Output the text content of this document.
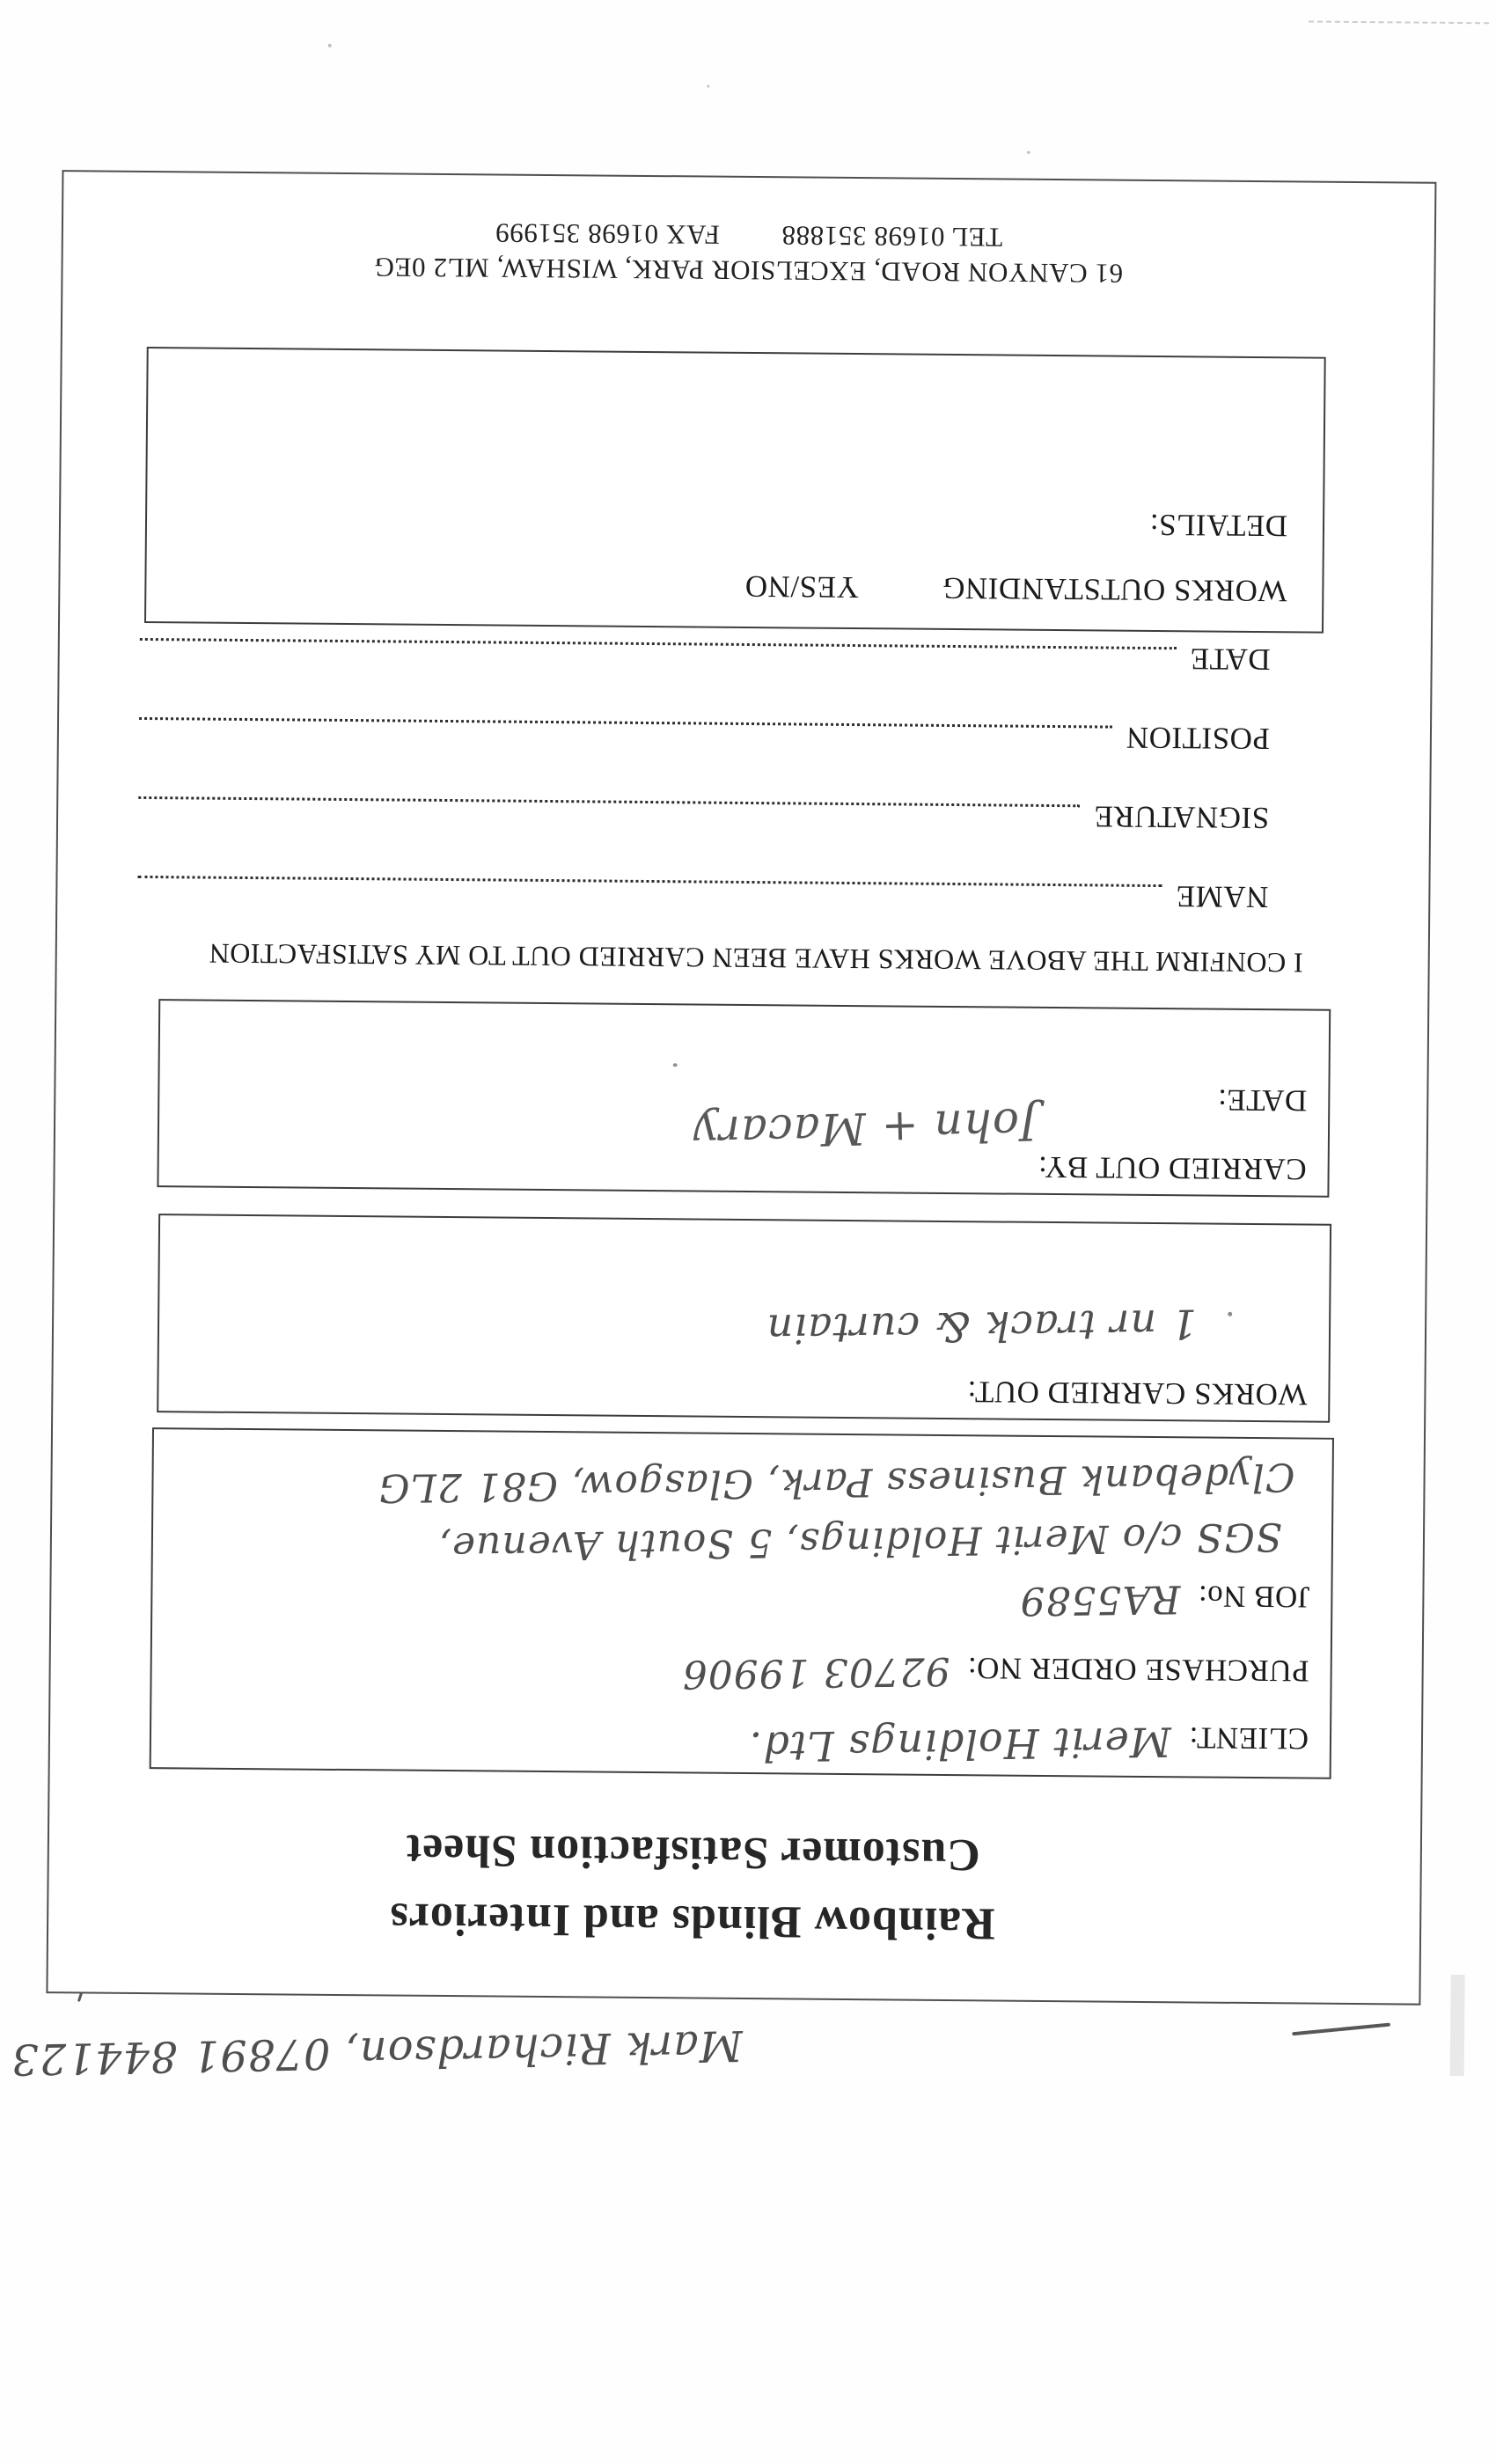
Mark Richardson, 07891 844123
Rainbow Blinds and Interiors
Customer Satisfaction Sheet
CLIENT:
Merit Holdings Ltd.
PURCHASE ORDER NO:
92703 19906
JOB No:
RA5589
SGS c/o Merit Holdings, 5 South Avenue,
Clydebank Business Park, Glasgow, G81 2LG
WORKS CARRIED OUT:
1 nr track & curtain
CARRIED OUT BY:
DATE:
John + Macary
I CONFIRM THE ABOVE WORKS HAVE BEEN CARRIED OUT TO MY SATISFACTION
NAME
SIGNATURE
POSITION
DATE
WORKS OUTSTANDING
YES/NO
DETAILS:
61 CANYON ROAD, EXCELSIOR PARK, WISHAW, ML2 0EG
TEL 01698 351888FAX 01698 351999
